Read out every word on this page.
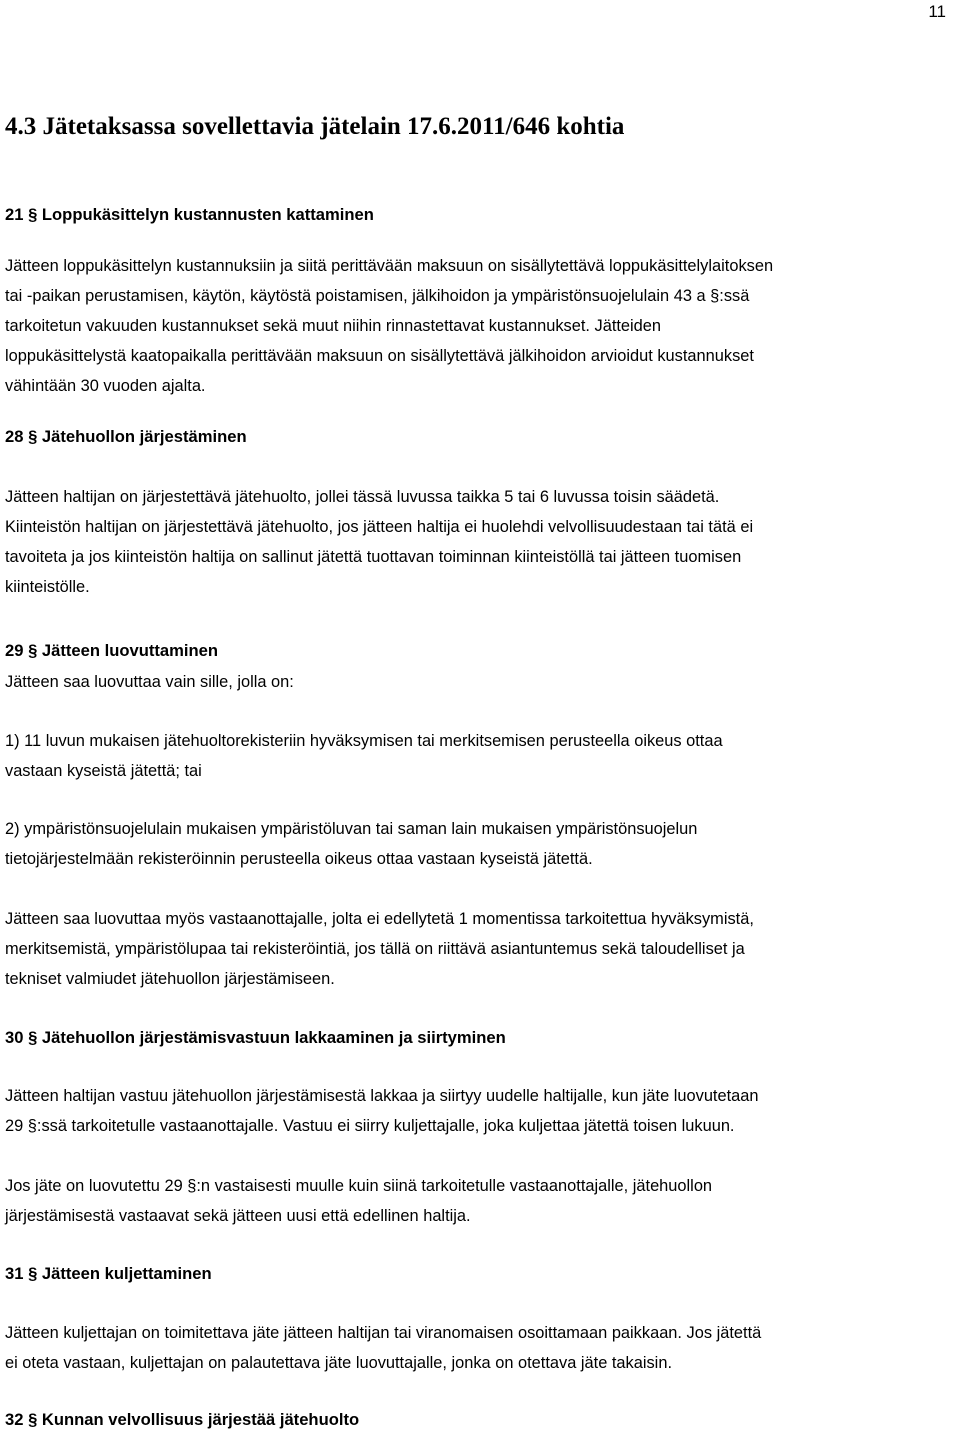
11
4.3 Jätetaksassa sovellettavia jätelain 17.6.2011/646 kohtia
21 § Loppukäsittelyn kustannusten kattaminen
Jätteen loppukäsittelyn kustannuksiin ja siitä perittävään maksuun on sisällytettävä loppukäsittelylaitoksen
tai -paikan perustamisen, käytön, käytöstä poistamisen, jälkihoidon ja ympäristönsuojelulain 43 a §:ssä
tarkoitetun vakuuden kustannukset sekä muut niihin rinnastettavat kustannukset. Jätteiden
loppukäsittelystä kaatopaikalla perittävään maksuun on sisällytettävä jälkihoidon arvioidut kustannukset
vähintään 30 vuoden ajalta.
28 § Jätehuollon järjestäminen
Jätteen haltijan on järjestettävä jätehuolto, jollei tässä luvussa taikka 5 tai 6 luvussa toisin säädetä.
Kiinteistön haltijan on järjestettävä jätehuolto, jos jätteen haltija ei huolehdi velvollisuudestaan tai tätä ei
tavoiteta ja jos kiinteistön haltija on sallinut jätettä tuottavan toiminnan kiinteistöllä tai jätteen tuomisen
kiinteistölle.
29 § Jätteen luovuttaminen
Jätteen saa luovuttaa vain sille, jolla on:
1) 11 luvun mukaisen jätehuoltorekisteriin hyväksymisen tai merkitsemisen perusteella oikeus ottaa
vastaan kyseistä jätettä; tai
2) ympäristönsuojelulain mukaisen ympäristöluvan tai saman lain mukaisen ympäristönsuojelun
tietojärjestelmään rekisteröinnin perusteella oikeus ottaa vastaan kyseistä jätettä.
Jätteen saa luovuttaa myös vastaanottajalle, jolta ei edellytetä 1 momentissa tarkoitettua hyväksymistä,
merkitsemistä, ympäristölupaa tai rekisteröintiä, jos tällä on riittävä asiantuntemus sekä taloudelliset ja
tekniset valmiudet jätehuollon järjestämiseen.
30 § Jätehuollon järjestämisvastuun lakkaaminen ja siirtyminen
Jätteen haltijan vastuu jätehuollon järjestämisestä lakkaa ja siirtyy uudelle haltijalle, kun jäte luovutetaan
29 §:ssä tarkoitetulle vastaanottajalle. Vastuu ei siirry kuljettajalle, joka kuljettaa jätettä toisen lukuun.
Jos jäte on luovutettu 29 §:n vastaisesti muulle kuin siinä tarkoitetulle vastaanottajalle, jätehuollon
järjestämisestä vastaavat sekä jätteen uusi että edellinen haltija.
31 § Jätteen kuljettaminen
Jätteen kuljettajan on toimitettava jäte jätteen haltijan tai viranomaisen osoittamaan paikkaan. Jos jätettä
ei oteta vastaan, kuljettajan on palautettava jäte luovuttajalle, jonka on otettava jäte takaisin.
32 § Kunnan velvollisuus järjestää jätehuolto
